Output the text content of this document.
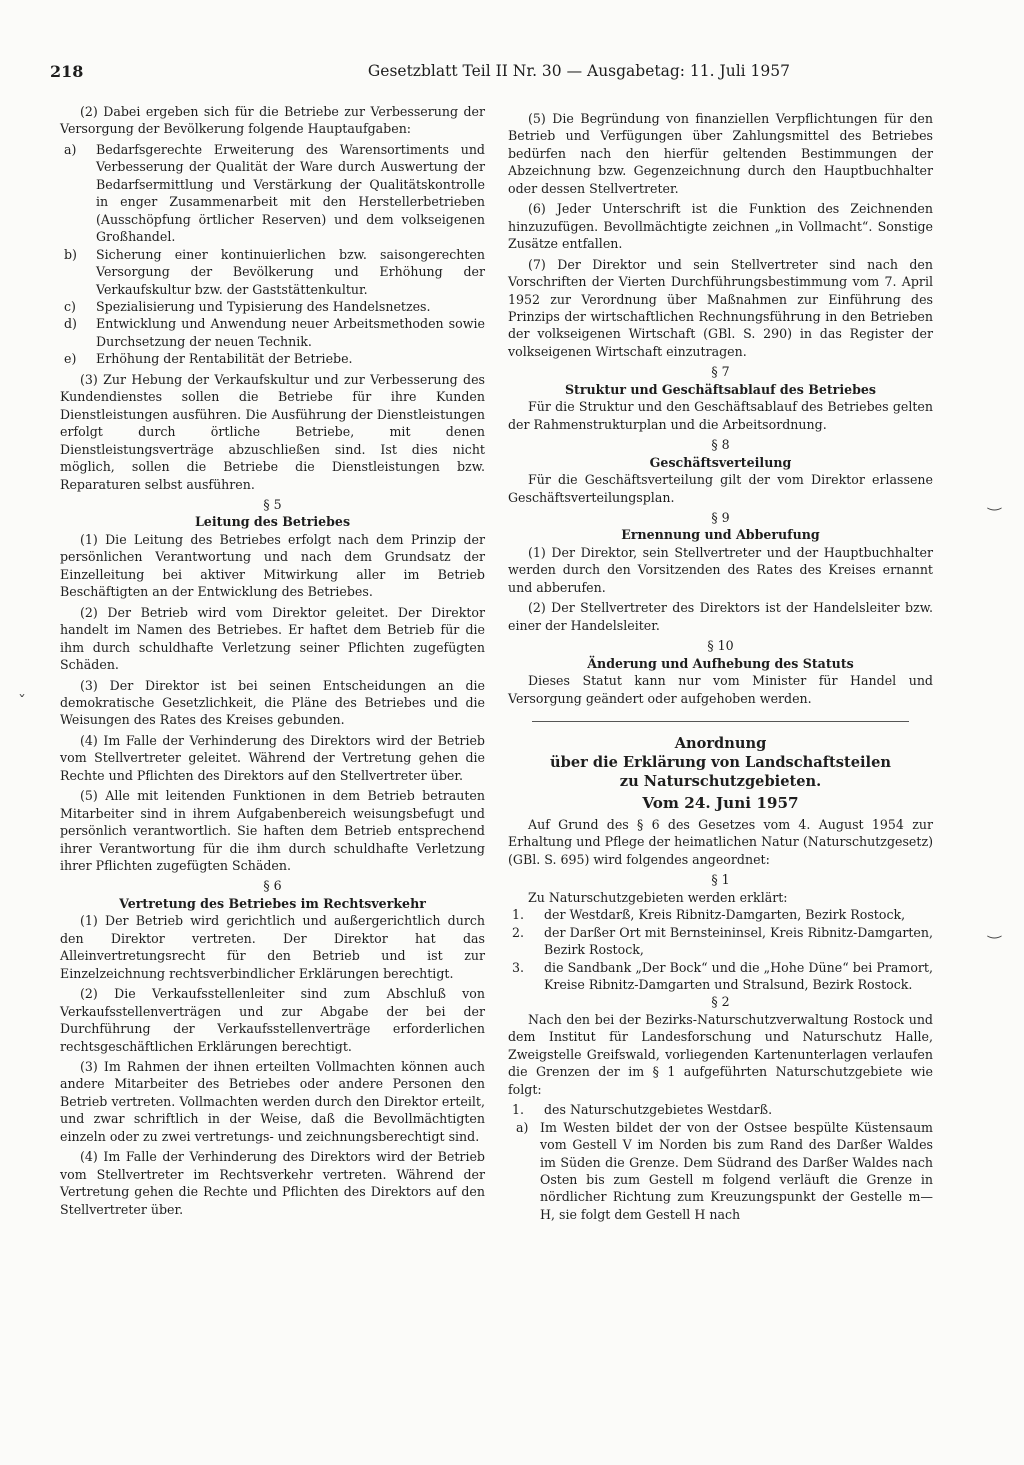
218	Gesetzblatt Teil II Nr. 30 — Ausgabetag: 11. Juli 1957

(2) Dabei ergeben sich für die Betriebe zur Verbesserung der Versorgung der Bevölkerung folgende Hauptaufgaben:

a)	Bedarfsgerechte Erweiterung des Warensortiments und Verbesserung der Qualität der Ware durch Auswertung der Bedarfsermittlung und Verstärkung der Qualitätskontrolle in enger Zusammenarbeit mit den Herstellerbetrieben (Ausschöpfung örtlicher Reserven) und dem volkseigenen Großhandel.
b)	Sicherung einer kontinuierlichen bzw. saisongerechten Versorgung der Bevölkerung und Erhöhung der Verkaufskultur bzw. der Gaststättenkultur.
c)	Spezialisierung und Typisierung des Handelsnetzes.
d)	Entwicklung und Anwendung neuer Arbeitsmethoden sowie Durchsetzung der neuen Technik.
e)	Erhöhung der Rentabilität der Betriebe.

(3) Zur Hebung der Verkaufskultur und zur Verbesserung des Kundendienstes sollen die Betriebe für ihre Kunden Dienstleistungen ausführen. Die Ausführung der Dienstleistungen erfolgt durch örtliche Betriebe, mit denen Dienstleistungsverträge abzuschließen sind. Ist dies nicht möglich, sollen die Betriebe die Dienstleistungen bzw. Reparaturen selbst ausführen.

§ 5

Leitung des Betriebes

(1) Die Leitung des Betriebes erfolgt nach dem Prinzip der persönlichen Verantwortung und nach dem Grundsatz der Einzelleitung bei aktiver Mitwirkung aller im Betrieb Beschäftigten an der Entwicklung des Betriebes.

(2) Der Betrieb wird vom Direktor geleitet. Der Direktor handelt im Namen des Betriebes. Er haftet dem Betrieb für die ihm durch schuldhafte Verletzung seiner Pflichten zugefügten Schäden.

(3) Der Direktor ist bei seinen Entscheidungen an die demokratische Gesetzlichkeit, die Pläne des Betriebes und die Weisungen des Rates des Kreises gebunden.

(4) Im Falle der Verhinderung des Direktors wird der Betrieb vom Stellvertreter geleitet. Während der Vertretung gehen die Rechte und Pflichten des Direktors auf den Stellvertreter über.

(5) Alle mit leitenden Funktionen in dem Betrieb betrauten Mitarbeiter sind in ihrem Aufgabenbereich weisungsbefugt und persönlich verantwortlich. Sie haften dem Betrieb entsprechend ihrer Verantwortung für die ihm durch schuldhafte Verletzung ihrer Pflichten zugefügten Schäden.

§ 6

Vertretung des Betriebes im Rechtsverkehr

(1) Der Betrieb wird gerichtlich und außergerichtlich durch den Direktor vertreten. Der Direktor hat das Alleinvertretungsrecht für den Betrieb und ist zur Einzelzeichnung rechtsverbindlicher Erklärungen berechtigt.

(2) Die Verkaufsstellenleiter sind zum Abschluß von Verkaufsstellenverträgen und zur Abgabe der bei der Durchführung der Verkaufsstellenverträge erforderlichen rechtsgeschäftlichen Erklärungen berechtigt.

(3) Im Rahmen der ihnen erteilten Vollmachten können auch andere Mitarbeiter des Betriebes oder andere Personen den Betrieb vertreten. Vollmachten werden durch den Direktor erteilt, und zwar schriftlich in der Weise, daß die Bevollmächtigten einzeln oder zu zwei vertretungs- und zeichnungsberechtigt sind.

(4) Im Falle der Verhinderung des Direktors wird der Betrieb vom Stellvertreter im Rechtsverkehr vertreten. Während der Vertretung gehen die Rechte und Pflichten des Direktors auf den Stellvertreter über.

(5) Die Begründung von finanziellen Verpflichtungen für den Betrieb und Verfügungen über Zahlungsmittel des Betriebes bedürfen nach den hierfür geltenden Bestimmungen der Abzeichnung bzw. Gegenzeichnung durch den Hauptbuchhalter oder dessen Stellvertreter.

(6) Jeder Unterschrift ist die Funktion des Zeichnenden hinzuzufügen. Bevollmächtigte zeichnen „in Vollmacht“. Sonstige Zusätze entfallen.

(7) Der Direktor und sein Stellvertreter sind nach den Vorschriften der Vierten Durchführungsbestimmung vom 7. April 1952 zur Verordnung über Maßnahmen zur Einführung des Prinzips der wirtschaftlichen Rechnungsführung in den Betrieben der volkseigenen Wirtschaft (GBl. S. 290) in das Register der volkseigenen Wirtschaft einzutragen.

§ 7

Struktur und Geschäftsablauf des Betriebes

Für die Struktur und den Geschäftsablauf des Betriebes gelten der Rahmenstrukturplan und die Arbeitsordnung.

§ 8

Geschäftsverteilung

Für die Geschäftsverteilung gilt der vom Direktor erlassene Geschäftsverteilungsplan.

§ 9

Ernennung und Abberufung

(1) Der Direktor, sein Stellvertreter und der Hauptbuchhalter werden durch den Vorsitzenden des Rates des Kreises ernannt und abberufen.

(2) Der Stellvertreter des Direktors ist der Handelsleiter bzw. einer der Handelsleiter.

§ 10

Änderung und Aufhebung des Statuts

Dieses Statut kann nur vom Minister für Handel und Versorgung geändert oder aufgehoben werden.

Anordnung

über die Erklärung von Landschaftsteilen

zu Naturschutzgebieten.

Vom 24. Juni 1957

Auf Grund des § 6 des Gesetzes vom 4. August 1954 zur Erhaltung und Pflege der heimatlichen Natur (Naturschutzgesetz) (GBl. S. 695) wird folgendes angeordnet:

§ 1

Zu Naturschutzgebieten werden erklärt:

1.	der Westdarß, Kreis Ribnitz-Damgarten, Bezirk Rostock,
2.	der Darßer Ort mit Bernsteininsel, Kreis Ribnitz-Damgarten, Bezirk Rostock,
3.	die Sandbank „Der Bock“ und die „Hohe Düne“ bei Pramort, Kreise Ribnitz-Damgarten und Stralsund, Bezirk Rostock.

§ 2

Nach den bei der Bezirks-Naturschutzverwaltung Rostock und dem Institut für Landesforschung und Naturschutz Halle, Zweigstelle Greifswald, vorliegenden Kartenunterlagen verlaufen die Grenzen der im § 1 aufgeführten Naturschutzgebiete wie folgt:

1.	des Naturschutzgebietes Westdarß.
a) Im Westen bildet der von der Ostsee bespülte Küstensaum vom Gestell V im Norden bis zum Rand des Darßer Waldes im Süden die Grenze. Dem Südrand des Darßer Waldes nach Osten bis zum Gestell m folgend verläuft die Grenze in nördlicher Richtung zum Kreuzungspunkt der Gestelle m—H, sie folgt dem Gestell H nach
‿
‿
ˇ
